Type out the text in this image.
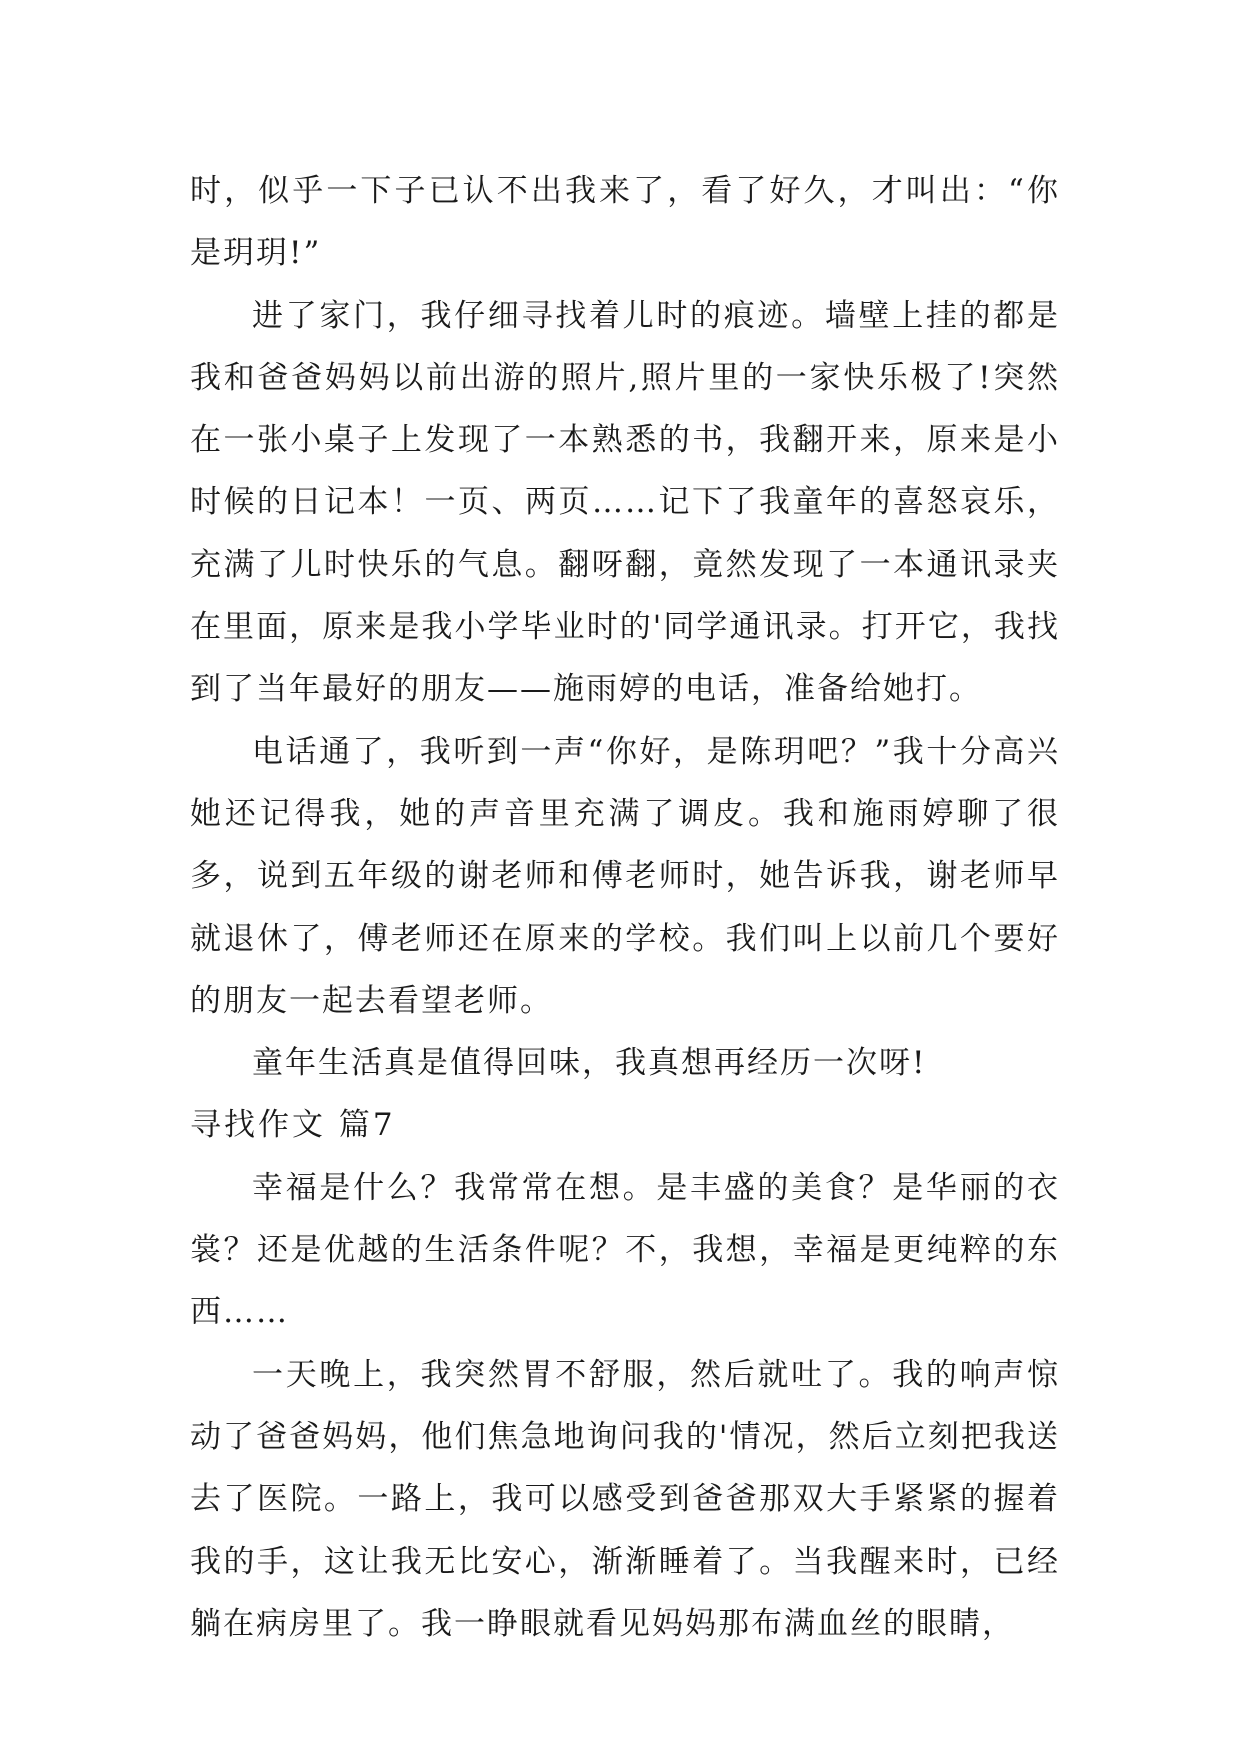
时，似乎一下子已认不出我来了，看了好久，才叫出：“你是玥玥!”

进了家门，我仔细寻找着儿时的痕迹。墙壁上挂的都是我和爸爸妈妈以前出游的照片,照片里的一家快乐极了!突然在一张小桌子上发现了一本熟悉的书，我翻开来，原来是小时候的日记本！一页、两页……记下了我童年的喜怒哀乐，充满了儿时快乐的气息。翻呀翻，竟然发现了一本通讯录夹在里面，原来是我小学毕业时的'同学通讯录。打开它，我找到了当年最好的朋友——施雨婷的电话，准备给她打。

电话通了，我听到一声“你好，是陈玥吧？”我十分高兴她还记得我，她的声音里充满了调皮。我和施雨婷聊了很多，说到五年级的谢老师和傅老师时，她告诉我，谢老师早就退休了，傅老师还在原来的学校。我们叫上以前几个要好的朋友一起去看望老师。

童年生活真是值得回味，我真想再经历一次呀!

寻找作文 篇7

幸福是什么？我常常在想。是丰盛的美食？是华丽的衣裳？还是优越的生活条件呢？不，我想，幸福是更纯粹的东西……

一天晚上，我突然胃不舒服，然后就吐了。我的响声惊动了爸爸妈妈，他们焦急地询问我的'情况，然后立刻把我送去了医院。一路上，我可以感受到爸爸那双大手紧紧的握着我的手，这让我无比安心，渐渐睡着了。当我醒来时，已经躺在病房里了。我一睁眼就看见妈妈那布满血丝的眼睛，
